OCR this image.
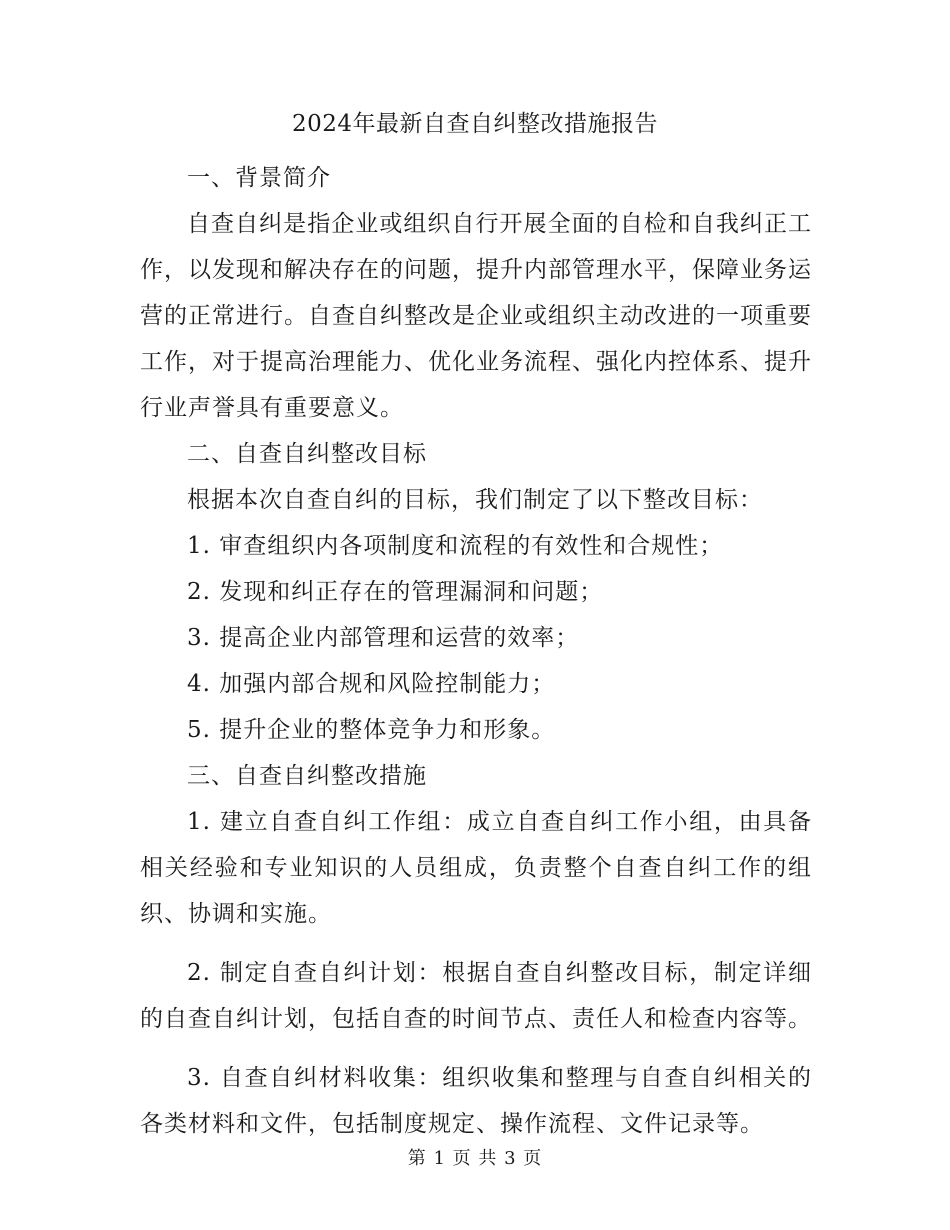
2024年最新自查自纠整改措施报告

一、背景简介

自查自纠是指企业或组织自行开展全面的自检和自我纠正工作，以发现和解决存在的问题，提升内部管理水平，保障业务运营的正常进行。自查自纠整改是企业或组织主动改进的一项重要工作，对于提高治理能力、优化业务流程、强化内控体系、提升行业声誉具有重要意义。

二、自查自纠整改目标

根据本次自查自纠的目标，我们制定了以下整改目标：

1. 审查组织内各项制度和流程的有效性和合规性；

2. 发现和纠正存在的管理漏洞和问题；

3. 提高企业内部管理和运营的效率；

4. 加强内部合规和风险控制能力；

5. 提升企业的整体竞争力和形象。

三、自查自纠整改措施

1. 建立自查自纠工作组：成立自查自纠工作小组，由具备相关经验和专业知识的人员组成，负责整个自查自纠工作的组织、协调和实施。

2. 制定自查自纠计划：根据自查自纠整改目标，制定详细的自查自纠计划，包括自查的时间节点、责任人和检查内容等。

3. 自查自纠材料收集：组织收集和整理与自查自纠相关的各类材料和文件，包括制度规定、操作流程、文件记录等。

第 1 页 共 3 页
